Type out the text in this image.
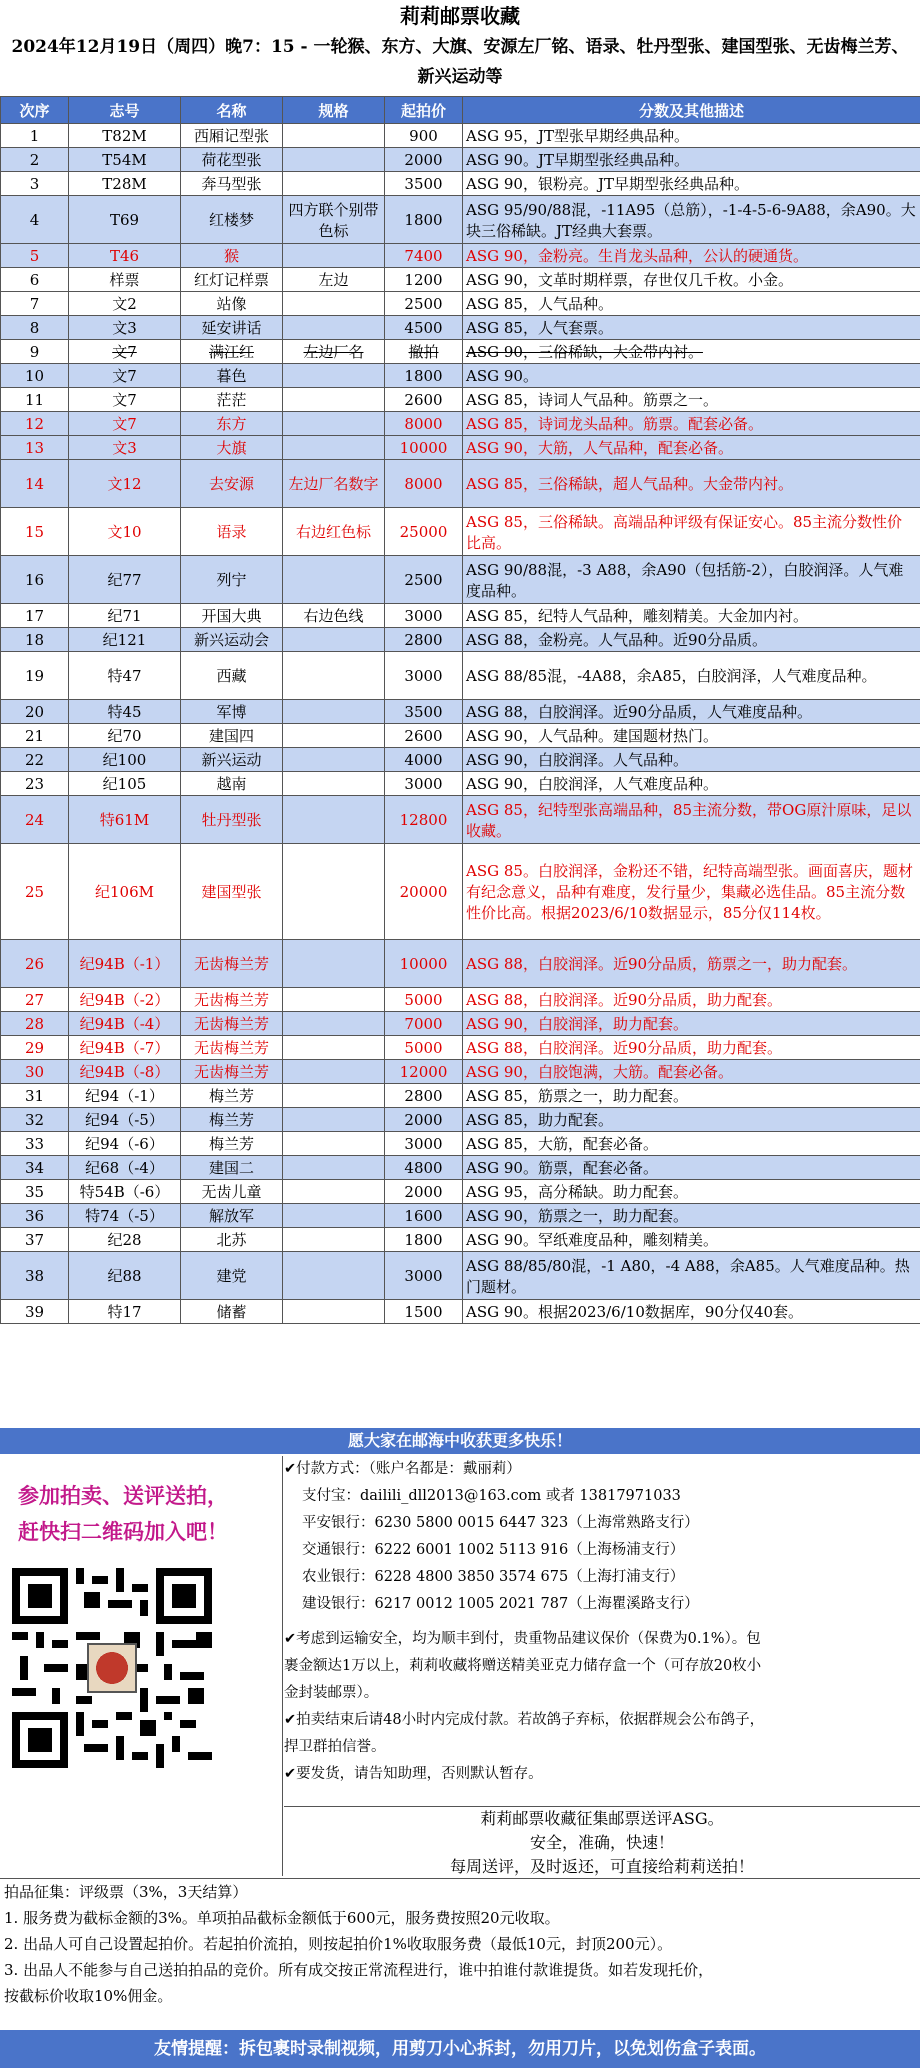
莉莉邮票收藏
2024年12月19日（周四）晚7：15 - 一轮猴、东方、大旗、安源左厂铭、语录、牡丹型张、建国型张、无齿梅兰芳、新兴运动等
次序	志号	名称	规格	起拍价	分数及其他描述
1	T82M	西厢记型张		900	ASG 95，JT型张早期经典品种。
2	T54M	荷花型张		2000	ASG 90。JT早期型张经典品种。
3	T28M	奔马型张		3500	ASG 90，银粉亮。JT早期型张经典品种。
4	T69	红楼梦	四方联个别带色标	1800	ASG 95/90/88混，-11A95（总筋），-1-4-5-6-9A88，余A90。大块三俗稀缺。JT经典大套票。
5	T46	猴		7400	ASG 90，金粉亮。生肖龙头品种，公认的硬通货。
6	样票	红灯记样票	左边	1200	ASG 90，文革时期样票，存世仅几千枚。小金。
7	文2	站像		2500	ASG 85，人气品种。
8	文3	延安讲话		4500	ASG 85，人气套票。
9	文7	满江红	左边厂名	撤拍	ASG 90，三俗稀缺，大金带内衬。
10	文7	暮色		1800	ASG 90。
11	文7	茫茫		2600	ASG 85，诗词人气品种。筋票之一。
12	文7	东方		8000	ASG 85，诗词龙头品种。筋票。配套必备。
13	文3	大旗		10000	ASG 90，大筋，人气品种，配套必备。
14	文12	去安源	左边厂名数字	8000	ASG 85，三俗稀缺，超人气品种。大金带内衬。
15	文10	语录	右边红色标	25000	ASG 85，三俗稀缺。高端品种评级有保证安心。85主流分数性价比高。
16	纪77	列宁		2500	ASG 90/88混，-3 A88，余A90（包括筋-2），白胶润泽。人气难度品种。
17	纪71	开国大典	右边色线	3000	ASG 85，纪特人气品种，雕刻精美。大金加内衬。
18	纪121	新兴运动会		2800	ASG 88，金粉亮。人气品种。近90分品质。
19	特47	西藏		3000	ASG 88/85混，-4A88，余A85，白胶润泽，人气难度品种。
20	特45	军博		3500	ASG 88，白胶润泽。近90分品质，人气难度品种。
21	纪70	建国四		2600	ASG 90，人气品种。建国题材热门。
22	纪100	新兴运动		4000	ASG 90，白胶润泽。人气品种。
23	纪105	越南		3000	ASG 90，白胶润泽，人气难度品种。
24	特61M	牡丹型张		12800	ASG 85，纪特型张高端品种，85主流分数，带OG原汁原味，足以收藏。
25	纪106M	建国型张		20000	ASG 85。白胶润泽，金粉还不错，纪特高端型张。画面喜庆，题材有纪念意义，品种有难度，发行量少，集藏必选佳品。85主流分数性价比高。根据2023/6/10数据显示，85分仅114枚。
26	纪94B（-1）	无齿梅兰芳		10000	ASG 88，白胶润泽。近90分品质，筋票之一，助力配套。
27	纪94B（-2）	无齿梅兰芳		5000	ASG 88，白胶润泽。近90分品质，助力配套。
28	纪94B（-4）	无齿梅兰芳		7000	ASG 90，白胶润泽，助力配套。
29	纪94B（-7）	无齿梅兰芳		5000	ASG 88，白胶润泽。近90分品质，助力配套。
30	纪94B（-8）	无齿梅兰芳		12000	ASG 90，白胶饱满，大筋。配套必备。
31	纪94（-1）	梅兰芳		2800	ASG 85，筋票之一，助力配套。
32	纪94（-5）	梅兰芳		2000	ASG 85，助力配套。
33	纪94（-6）	梅兰芳		3000	ASG 85，大筋，配套必备。
34	纪68（-4）	建国二		4800	ASG 90。筋票，配套必备。
35	特54B（-6）	无齿儿童		2000	ASG 95，高分稀缺。助力配套。
36	特74（-5）	解放军		1600	ASG 90，筋票之一，助力配套。
37	纪28	北苏		1800	ASG 90。罕纸难度品种，雕刻精美。
38	纪88	建党		3000	ASG 88/85/80混，-1 A80，-4 A88，余A85。人气难度品种。热门题材。
39	特17	储蓄		1500	ASG 90。根据2023/6/10数据库，90分仅40套。
愿大家在邮海中收获更多快乐！
参加拍卖、送评送拍，
赶快扫二维码加入吧！
✔付款方式：（账户名都是：戴丽莉）
支付宝：dailili_dll2013@163.com 或者 13817971033
平安银行：6230 5800 0015 6447 323（上海常熟路支行）
交通银行：6222 6001 1002 5113 916（上海杨浦支行）
农业银行：6228 4800 3850 3574 675（上海打浦支行）
建设银行：6217 0012 1005 2021 787（上海瞿溪路支行）
✔考虑到运输安全，均为顺丰到付，贵重物品建议保价（保费为0.1%）。包
裹金额达1万以上，莉莉收藏将赠送精美亚克力储存盒一个（可存放20枚小
金封装邮票）。
✔拍卖结束后请48小时内完成付款。若故鸽子弃标，依据群规会公布鸽子，
捍卫群拍信誉。
✔要发货，请告知助理，否则默认暂存。
莉莉邮票收藏征集邮票送评ASG。
安全，准确，快速！
每周送评，及时返还，可直接给莉莉送拍！
拍品征集：评级票（3%，3天结算）
1. 服务费为截标金额的3%。单项拍品截标金额低于600元，服务费按照20元收取。
2. 出品人可自己设置起拍价。若起拍价流拍，则按起拍价1%收取服务费（最低10元，封顶200元）。
3. 出品人不能参与自己送拍拍品的竞价。所有成交按正常流程进行，谁中拍谁付款谁提货。如若发现托价，
按截标价收取10%佣金。
友情提醒：拆包裹时录制视频，用剪刀小心拆封，勿用刀片，以免划伤盒子表面。
